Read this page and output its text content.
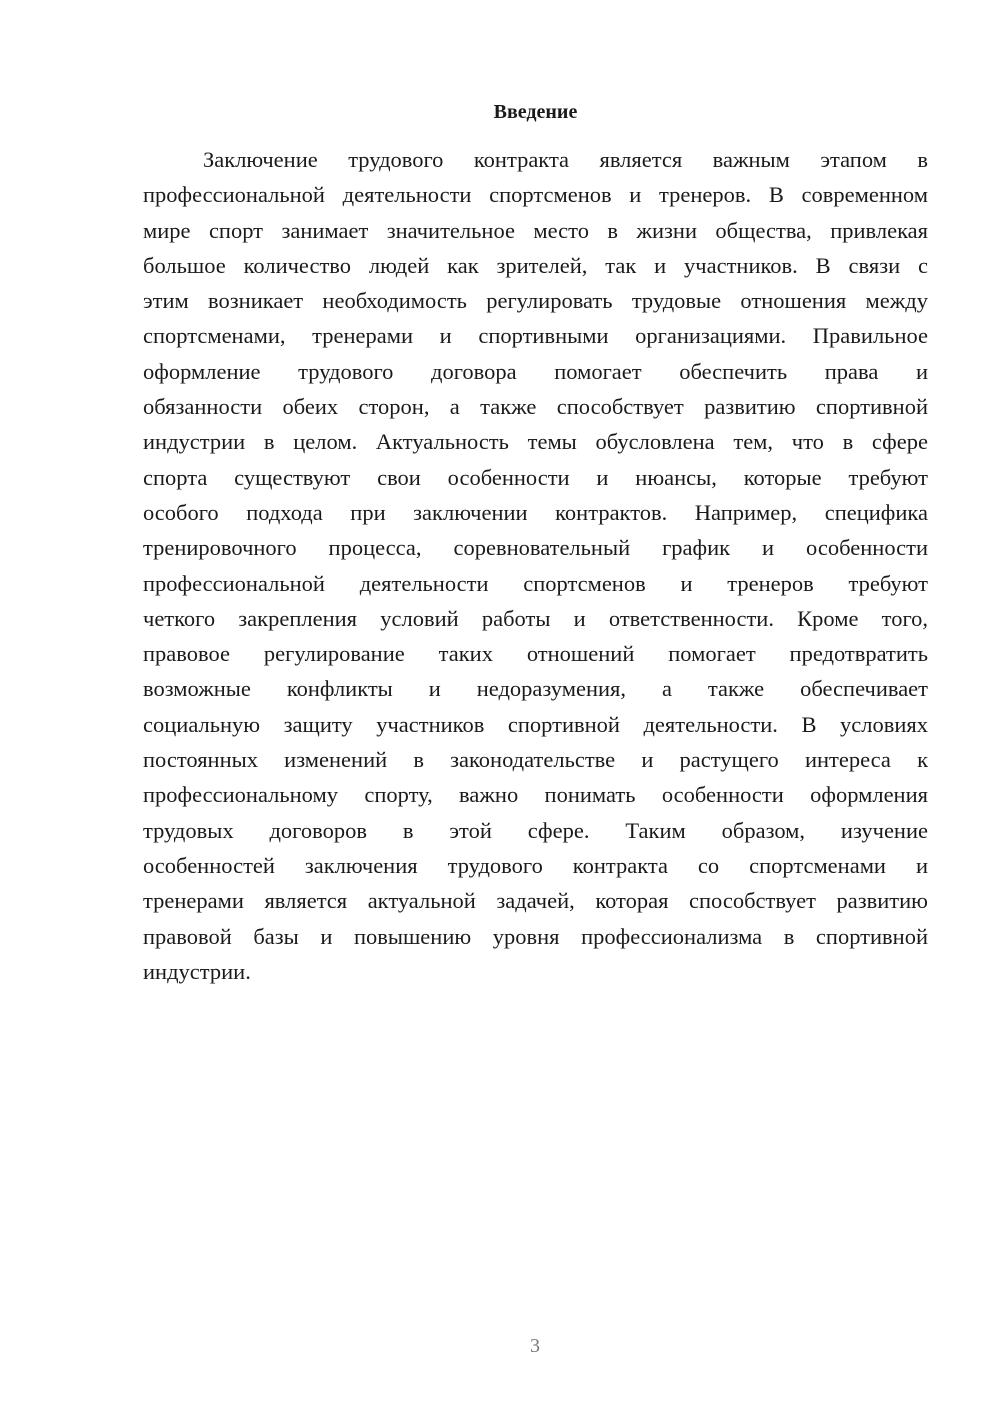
Введение
Заключение трудового контракта является важным этапом в
профессиональной деятельности спортсменов и тренеров. В современном
мире спорт занимает значительное место в жизни общества, привлекая
большое количество людей как зрителей, так и участников. В связи с
этим возникает необходимость регулировать трудовые отношения между
спортсменами, тренерами и спортивными организациями. Правильное
оформление трудового договора помогает обеспечить права и
обязанности обеих сторон, а также способствует развитию спортивной
индустрии в целом. Актуальность темы обусловлена тем, что в сфере
спорта существуют свои особенности и нюансы, которые требуют
особого подхода при заключении контрактов. Например, специфика
тренировочного процесса, соревновательный график и особенности
профессиональной деятельности спортсменов и тренеров требуют
четкого закрепления условий работы и ответственности. Кроме того,
правовое регулирование таких отношений помогает предотвратить
возможные конфликты и недоразумения, а также обеспечивает
социальную защиту участников спортивной деятельности. В условиях
постоянных изменений в законодательстве и растущего интереса к
профессиональному спорту, важно понимать особенности оформления
трудовых договоров в этой сфере. Таким образом, изучение
особенностей заключения трудового контракта со спортсменами и
тренерами является актуальной задачей, которая способствует развитию
правовой базы и повышению уровня профессионализма в спортивной
индустрии.
3
